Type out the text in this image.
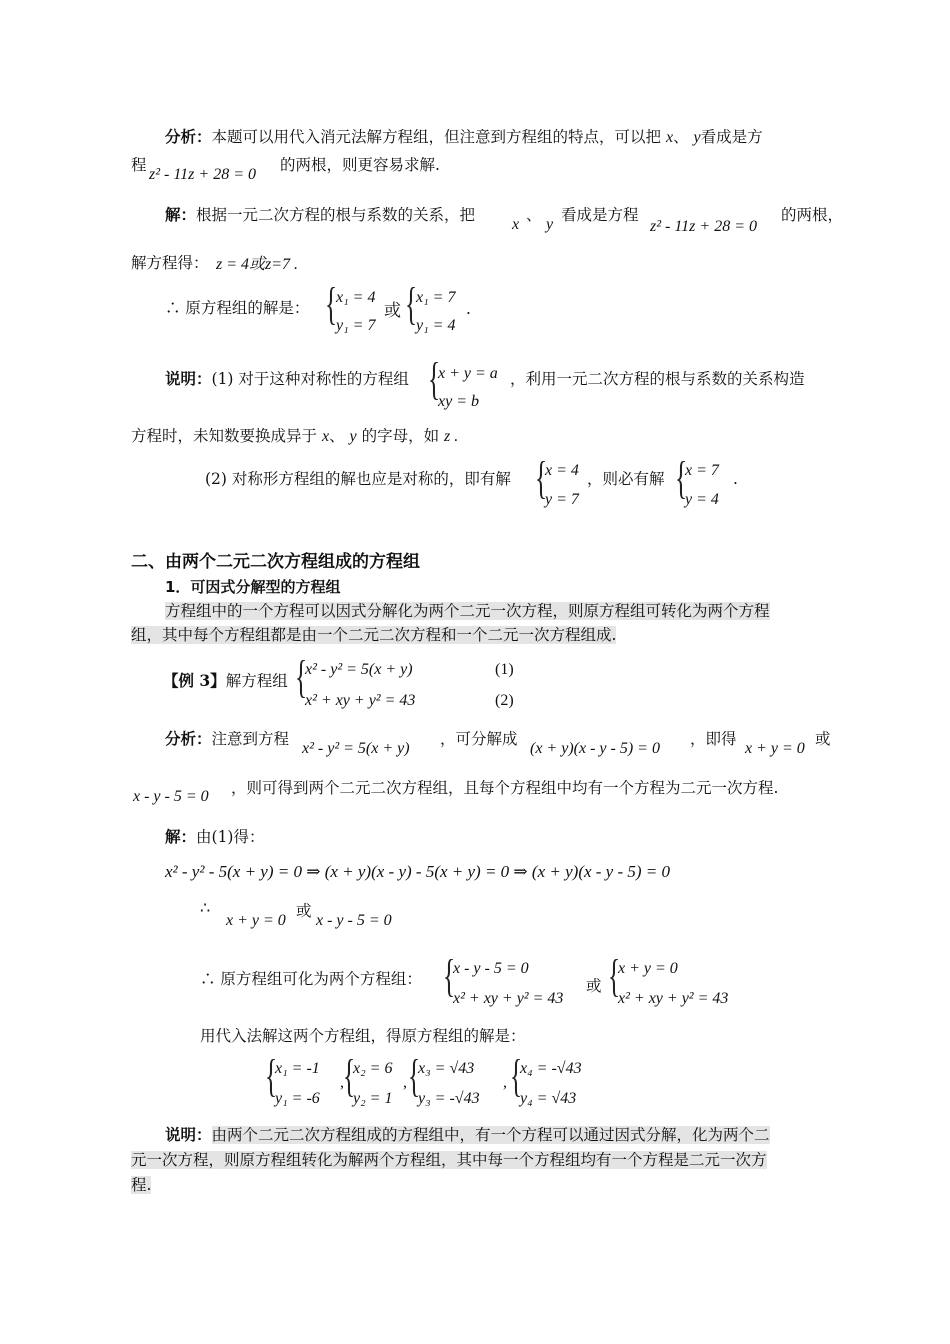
分析：本题可以用代入消元法解方程组，但注意到方程组的特点，可以把 x、 y看成是方
程
z² - 11z + 28 = 0
的两根，则更容易求解.
解：根据一元二次方程的根与系数的关系，把
x
、
y
看成是方程
z² - 11z + 28 = 0
的两根，
解方程得： z = 4或z=7 .
∴ 原方程组的解是： {
x₁ = 4
y₁ = 7
或 {
x₁ = 7
y₁ = 4
.
说明：(1) 对于这种对称性的方程组 {
x + y = a
xy = b
，利用一元二次方程的根与系数的关系构造
方程时，未知数要换成异于 x、 y 的字母，如 z .
(2) 对称形方程组的解也应是对称的，即有解 {
x = 4
y = 7
，则必有解 {
x = 7
y = 4
.
二、由两个二元二次方程组成的方程组
1．可因式分解型的方程组
方程组中的一个方程可以因式分解化为两个二元一次方程，则原方程组可转化为两个方程
组，其中每个方程组都是由一个二元二次方程和一个二元一次方程组成.
【例 3】解方程组 {
x² - y² = 5(x + y)	(1)
x² + xy + y² = 43	(2)
分析：注意到方程
x² - y² = 5(x + y)
，可分解成
(x + y)(x - y - 5) = 0
，即得
x + y = 0
或
x - y - 5 = 0 ，则可得到两个二元二次方程组，且每个方程组中均有一个方程为二元一次方程.
解：由(1)得：
x² - y² - 5(x + y) = 0 ⇒ (x + y)(x - y) - 5(x + y) = 0 ⇒ (x + y)(x - y - 5) = 0
∴
x + y = 0
或
x - y - 5 = 0
∴ 原方程组可化为两个方程组： {
x - y - 5 = 0
x² + xy + y² = 43
或 {
x + y = 0
x² + xy + y² = 43
用代入法解这两个方程组，得原方程组的解是：
{
x₁ = -1
y₁ = -6
, {
x₂ = 6
y₂ = 1
, {
x₃ = √43
y₃ = -√43
, {
x₄ = -√43
y₄ = √43
说明：由两个二元二次方程组成的方程组中，有一个方程可以通过因式分解，化为两个二
元一次方程，则原方程组转化为解两个方程组，其中每一个方程组均有一个方程是二元一次方
程.
